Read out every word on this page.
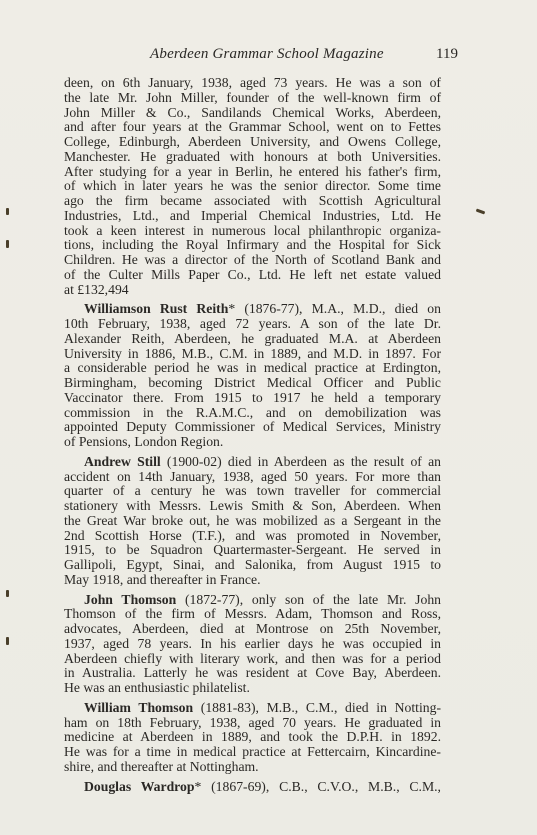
Aberdeen Grammar School Magazine	119
deen, on 6th January, 1938, aged 73 years. He was a son of
the late Mr. John Miller, founder of the well-known firm of
John Miller & Co., Sandilands Chemical Works, Aberdeen,
and after four years at the Grammar School, went on to Fettes
College, Edinburgh, Aberdeen University, and Owens College,
Manchester. He graduated with honours at both Universities.
After studying for a year in Berlin, he entered his father's firm,
of which in later years he was the senior director. Some time
ago the firm became associated with Scottish Agricultural
Industries, Ltd., and Imperial Chemical Industries, Ltd. He
took a keen interest in numerous local philanthropic organiza-
tions, including the Royal Infirmary and the Hospital for Sick
Children. He was a director of the North of Scotland Bank and
of the Culter Mills Paper Co., Ltd. He left net estate valued
at £132,494
Williamson Rust Reith* (1876-77), M.A., M.D., died on
10th February, 1938, aged 72 years. A son of the late Dr.
Alexander Reith, Aberdeen, he graduated M.A. at Aberdeen
University in 1886, M.B., C.M. in 1889, and M.D. in 1897. For
a considerable period he was in medical practice at Erdington,
Birmingham, becoming District Medical Officer and Public
Vaccinator there. From 1915 to 1917 he held a temporary
commission in the R.A.M.C., and on demobilization was
appointed Deputy Commissioner of Medical Services, Ministry
of Pensions, London Region.
Andrew Still (1900-02) died in Aberdeen as the result of an
accident on 14th January, 1938, aged 50 years. For more than
quarter of a century he was town traveller for commercial
stationery with Messrs. Lewis Smith & Son, Aberdeen. When
the Great War broke out, he was mobilized as a Sergeant in the
2nd Scottish Horse (T.F.), and was promoted in November,
1915, to be Squadron Quartermaster-Sergeant. He served in
Gallipoli, Egypt, Sinai, and Salonika, from August 1915 to
May 1918, and thereafter in France.
John Thomson (1872-77), only son of the late Mr. John
Thomson of the firm of Messrs. Adam, Thomson and Ross,
advocates, Aberdeen, died at Montrose on 25th November,
1937, aged 78 years. In his earlier days he was occupied in
Aberdeen chiefly with literary work, and then was for a period
in Australia. Latterly he was resident at Cove Bay, Aberdeen.
He was an enthusiastic philatelist.
William Thomson (1881-83), M.B., C.M., died in Notting-
ham on 18th February, 1938, aged 70 years. He graduated in
medicine at Aberdeen in 1889, and took the D.P.H. in 1892.
He was for a time in medical practice at Fettercairn, Kincardine-
shire, and thereafter at Nottingham.
Douglas Wardrop* (1867-69), C.B., C.V.O., M.B., C.M.,
